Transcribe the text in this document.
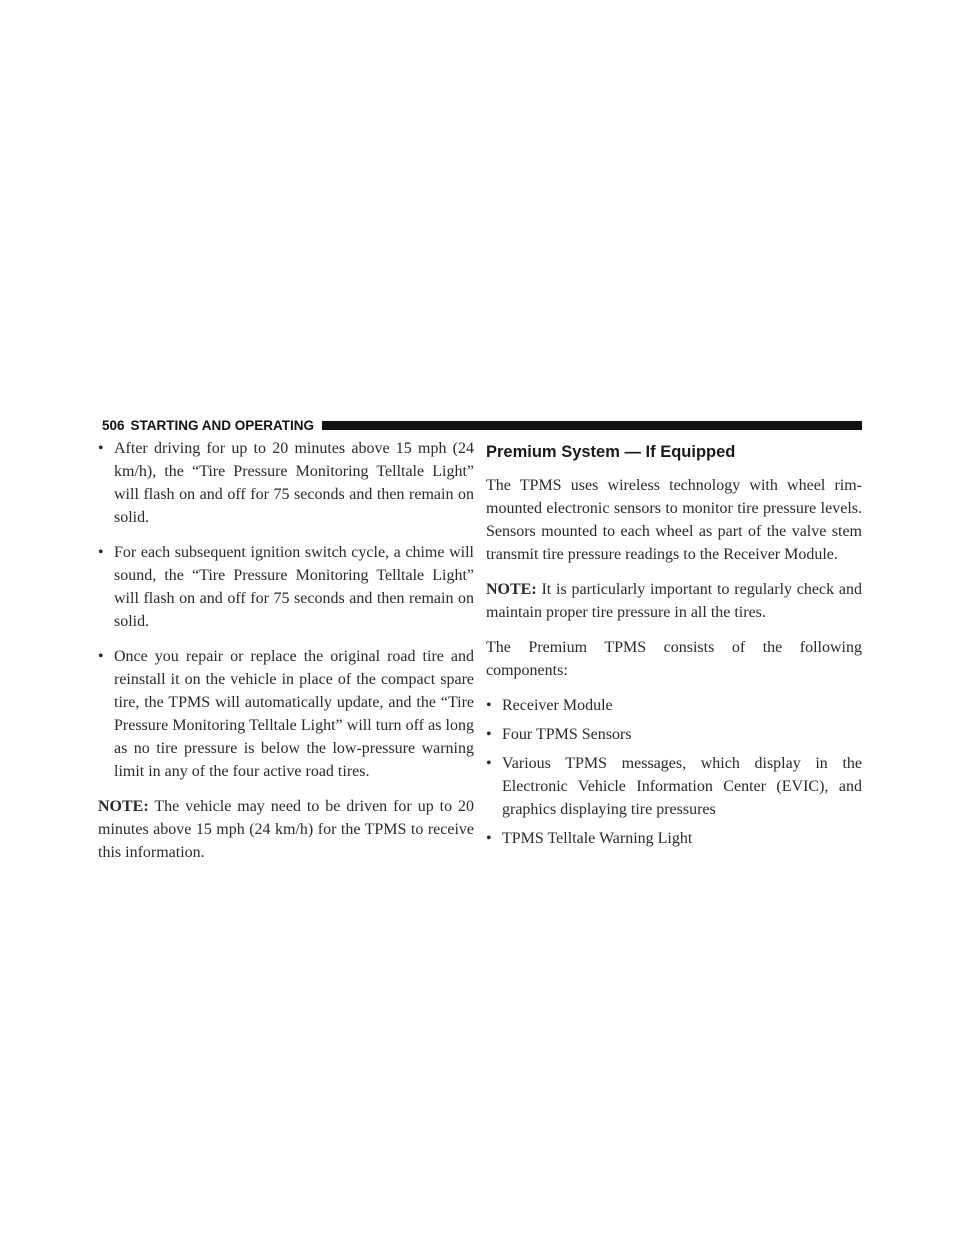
506 STARTING AND OPERATING
• After driving for up to 20 minutes above 15 mph (24 km/h), the “Tire Pressure Monitoring Telltale Light” will flash on and off for 75 seconds and then remain on solid.
• For each subsequent ignition switch cycle, a chime will sound, the “Tire Pressure Monitoring Telltale Light” will flash on and off for 75 seconds and then remain on solid.
• Once you repair or replace the original road tire and reinstall it on the vehicle in place of the compact spare tire, the TPMS will automatically update, and the “Tire Pressure Monitoring Telltale Light” will turn off as long as no tire pressure is below the low-pressure warning limit in any of the four active road tires.

NOTE: The vehicle may need to be driven for up to 20 minutes above 15 mph (24 km/h) for the TPMS to receive this information.

Premium System — If Equipped

The TPMS uses wireless technology with wheel rim-mounted electronic sensors to monitor tire pressure levels. Sensors mounted to each wheel as part of the valve stem transmit tire pressure readings to the Receiver Module.

NOTE: It is particularly important to regularly check and maintain proper tire pressure in all the tires.

The Premium TPMS consists of the following components:

• Receiver Module
• Four TPMS Sensors
• Various TPMS messages, which display in the Electronic Vehicle Information Center (EVIC), and graphics displaying tire pressures
• TPMS Telltale Warning Light
